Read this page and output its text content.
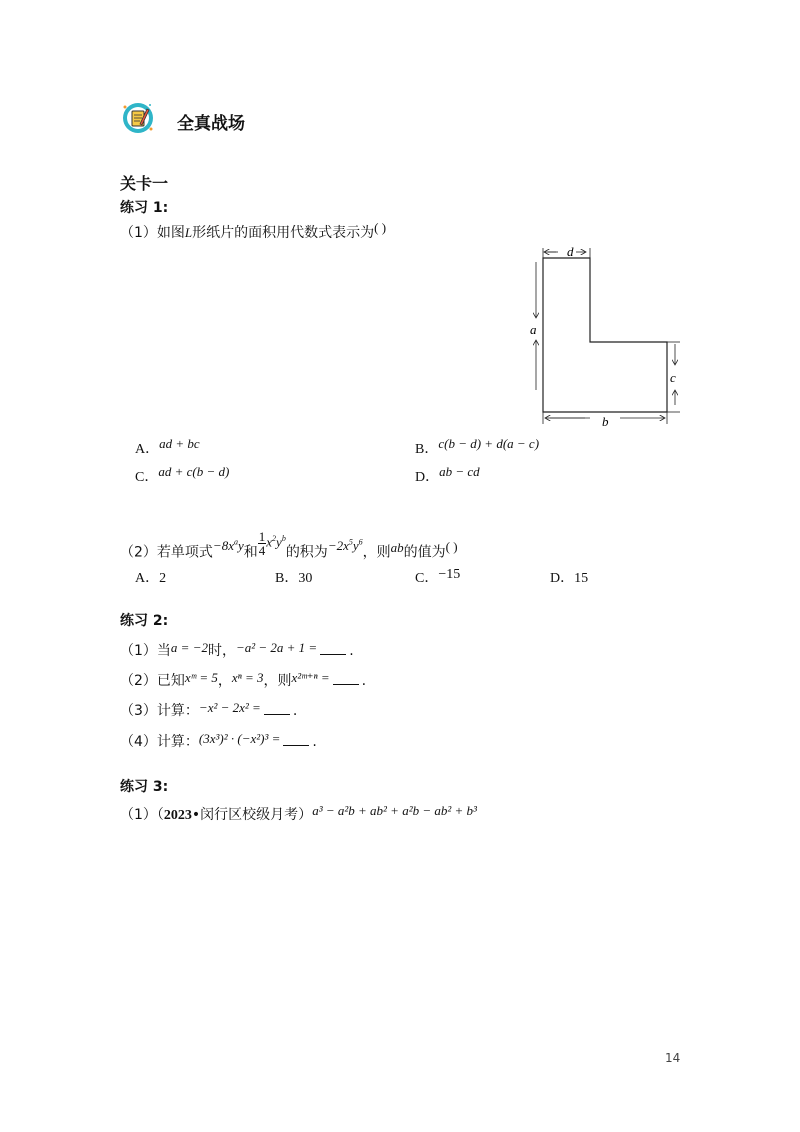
全真战场
关卡一
练习 1:
（1）如图L形纸片的面积用代数式表示为( )
d
a
c
b
A．ad + bc	B．c(b − d) + d(a − c)
C．ad + c(b − d)	D．ab − cd
（2）若单项式$-8x^ay$和 $\frac{1}{4} x^2y^b$的积为$-2x^5y^6$，则ab的值为( )
A．2	B．30	C．−15	D．15
练习 2:
（1）当a = −2时，−a² − 2a + 1 = .
（2）已知xᵐ = 5，xⁿ = 3，则x²ᵐ⁺ⁿ = .
（3）计算：−x² − 2x² = .
（4）计算：(3x³)² · (−x²)³ = .
练习 3:
（1）（2023•闵行区校级月考）a³ − a²b + ab² + a²b − ab² + b³
14
